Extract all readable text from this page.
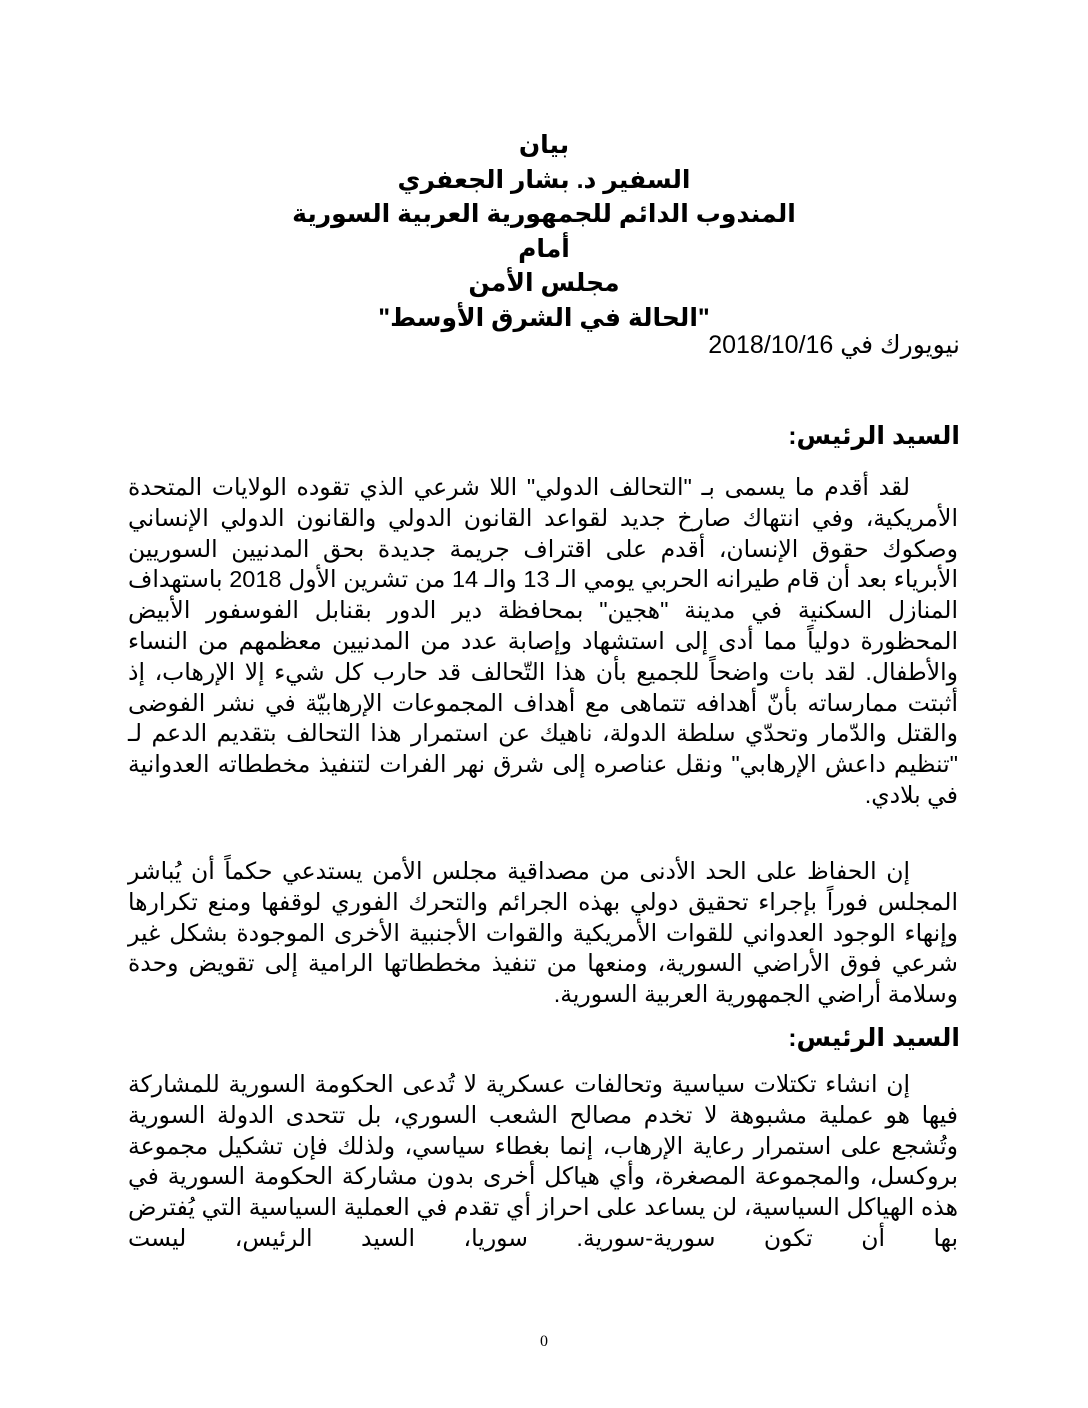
بيان
السفير د. بشار الجعفري
المندوب الدائم للجمهورية العربية السورية
أمام
مجلس الأمن
"الحالة في الشرق الأوسط"
نيويورك في 2018/10/16
السيد الرئيس:

لقد أقدم ما يسمى بـ "التحالف الدولي" اللا شرعي الذي تقوده الولايات المتحدة الأمريكية، وفي انتهاك صارخ جديد لقواعد القانون الدولي والقانون الدولي الإنساني وصكوك حقوق الإنسان، أقدم على اقتراف جريمة جديدة بحق المدنيين السوريين الأبرياء بعد أن قام طيرانه الحربي يومي الـ 13 والـ 14 من تشرين الأول 2018 باستهداف المنازل السكنية في مدينة "هجين" بمحافظة دير الدور بقنابل الفوسفور الأبيض المحظورة دولياً مما أدى إلى استشهاد وإصابة عدد من المدنيين معظمهم من النساء والأطفال. لقد بات واضحاً للجميع بأن هذا التّحالف قد حارب كل شيء إلا الإرهاب، إذ أثبتت ممارساته بأنّ أهدافه تتماهى مع أهداف المجموعات الإرهابيّة في نشر الفوضى والقتل والدّمار وتحدّي سلطة الدولة، ناهيك عن استمرار هذا التحالف بتقديم الدعم لـ "تنظيم داعش الإرهابي" ونقل عناصره إلى شرق نهر الفرات لتنفيذ مخططاته العدوانية في بلادي.

إن الحفاظ على الحد الأدنى من مصداقية مجلس الأمن يستدعي حكماً أن يُباشر المجلس فوراً بإجراء تحقيق دولي بهذه الجرائم والتحرك الفوري لوقفها ومنع تكرارها وإنهاء الوجود العدواني للقوات الأمريكية والقوات الأجنبية الأخرى الموجودة بشكل غير شرعي فوق الأراضي السورية، ومنعها من تنفيذ مخططاتها الرامية إلى تقويض وحدة وسلامة أراضي الجمهورية العربية السورية.

السيد الرئيس:

إن انشاء تكتلات سياسية وتحالفات عسكرية لا تُدعى الحكومة السورية للمشاركة فيها هو عملية مشبوهة لا تخدم مصالح الشعب السوري، بل تتحدى الدولة السورية وتُشجع على استمرار رعاية الإرهاب، إنما بغطاء سياسي، ولذلك فإن تشكيل مجموعة بروكسل، والمجموعة المصغرة، وأي هياكل أخرى بدون مشاركة الحكومة السورية في هذه الهياكل السياسية، لن يساعد على احراز أي تقدم في العملية السياسية التي يُفترض بها أن تكون سورية-سورية. سوريا، السيد الرئيس، ليست

0
